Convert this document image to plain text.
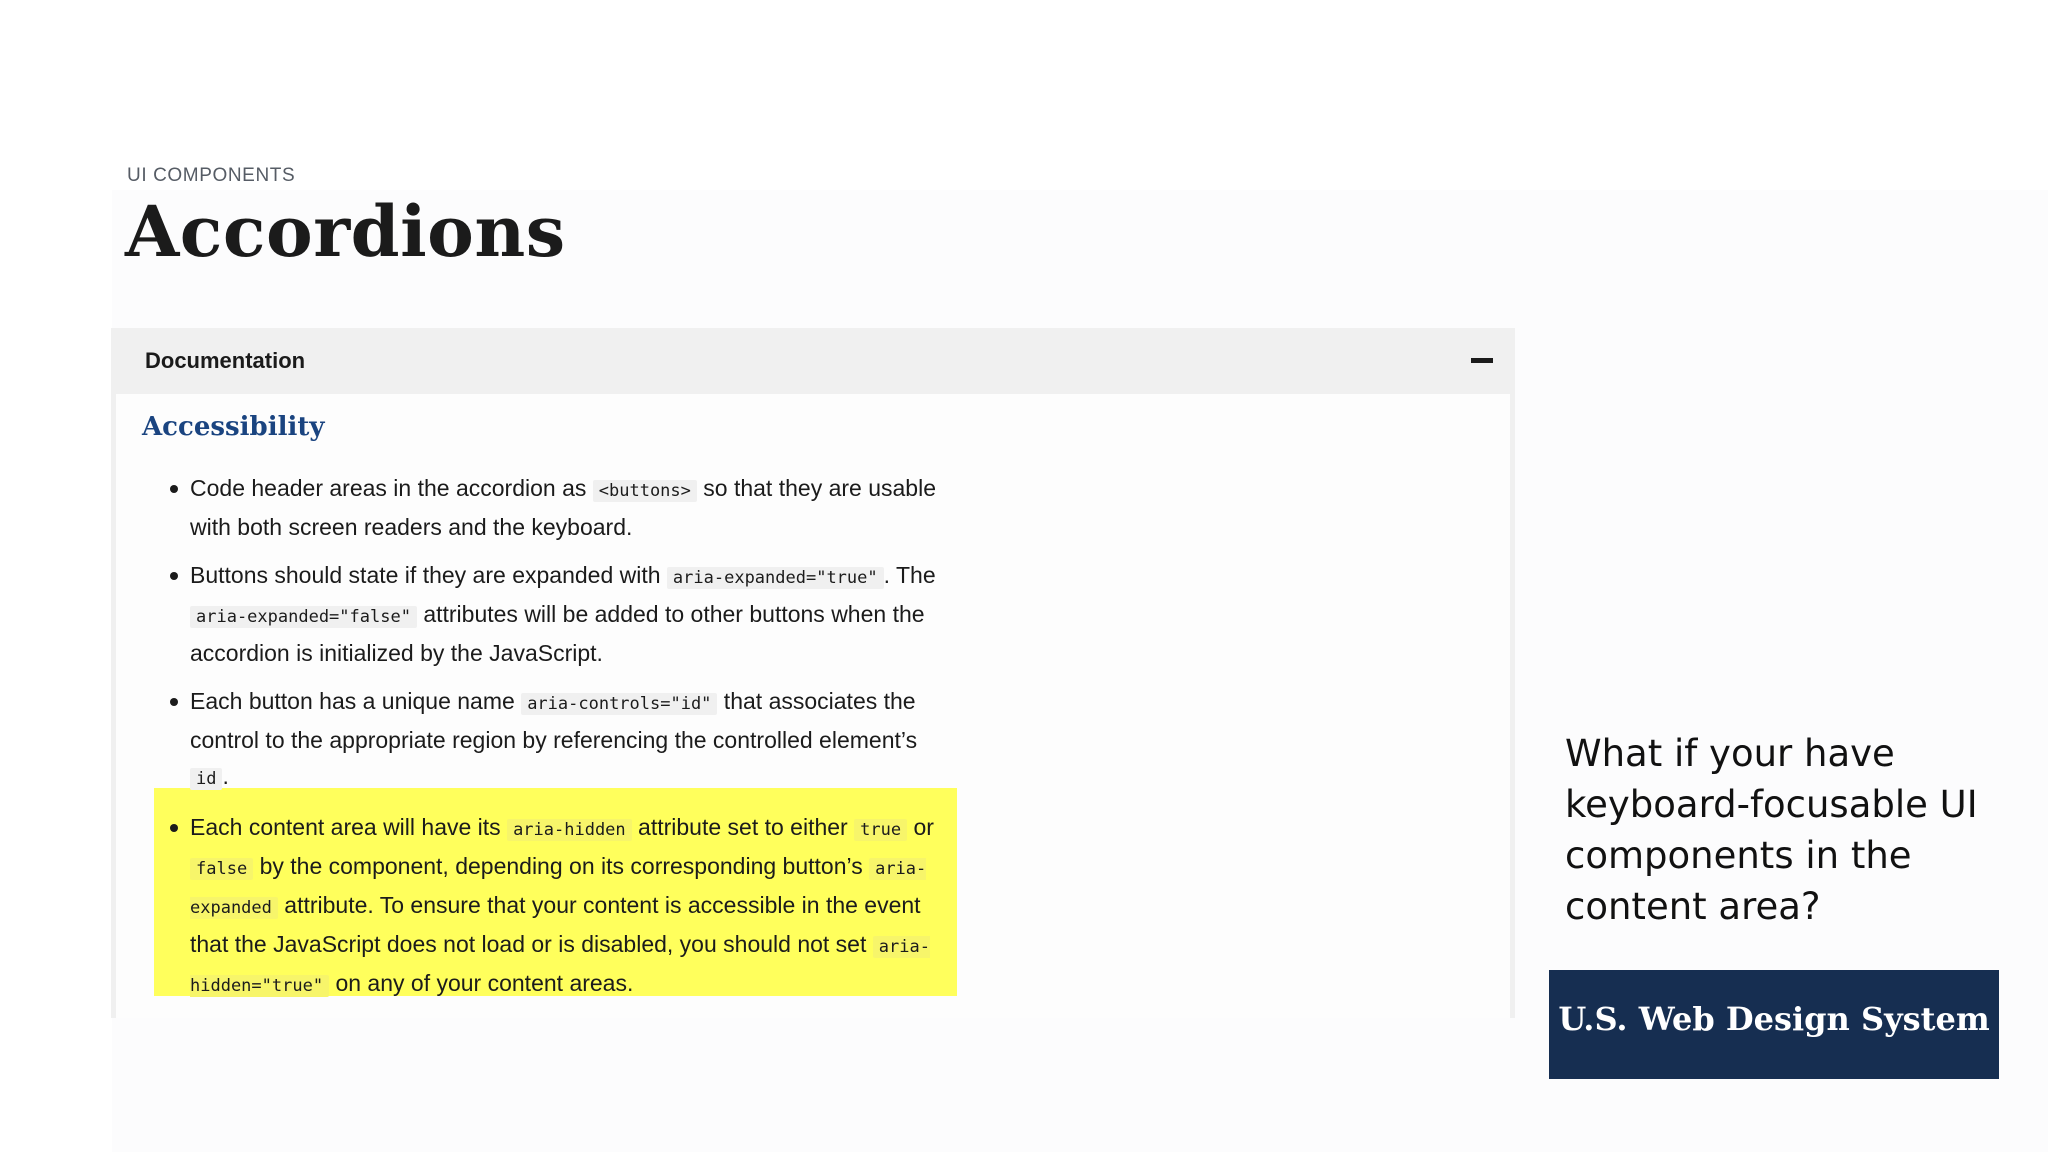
UI COMPONENTS
Accordions
Documentation
Accessibility
Code header areas in the accordion as <buttons> so that they are usable with both screen readers and the keyboard.
Buttons should state if they are expanded with aria-expanded="true" . The aria-expanded="false" attributes will be added to other buttons when the accordion is initialized by the JavaScript.
Each button has a unique name aria-controls="id" that associates the control to the appropriate region by referencing the controlled element’s id .
Each content area will have its aria-hidden attribute set to either true or false by the component, depending on its corresponding button’s aria-expanded attribute. To ensure that your content is accessible in the event that the JavaScript does not load or is disabled, you should not set aria-hidden="true" on any of your content areas.
What if your have keyboard-focusable UI components in the content area?
U.S. Web Design System
